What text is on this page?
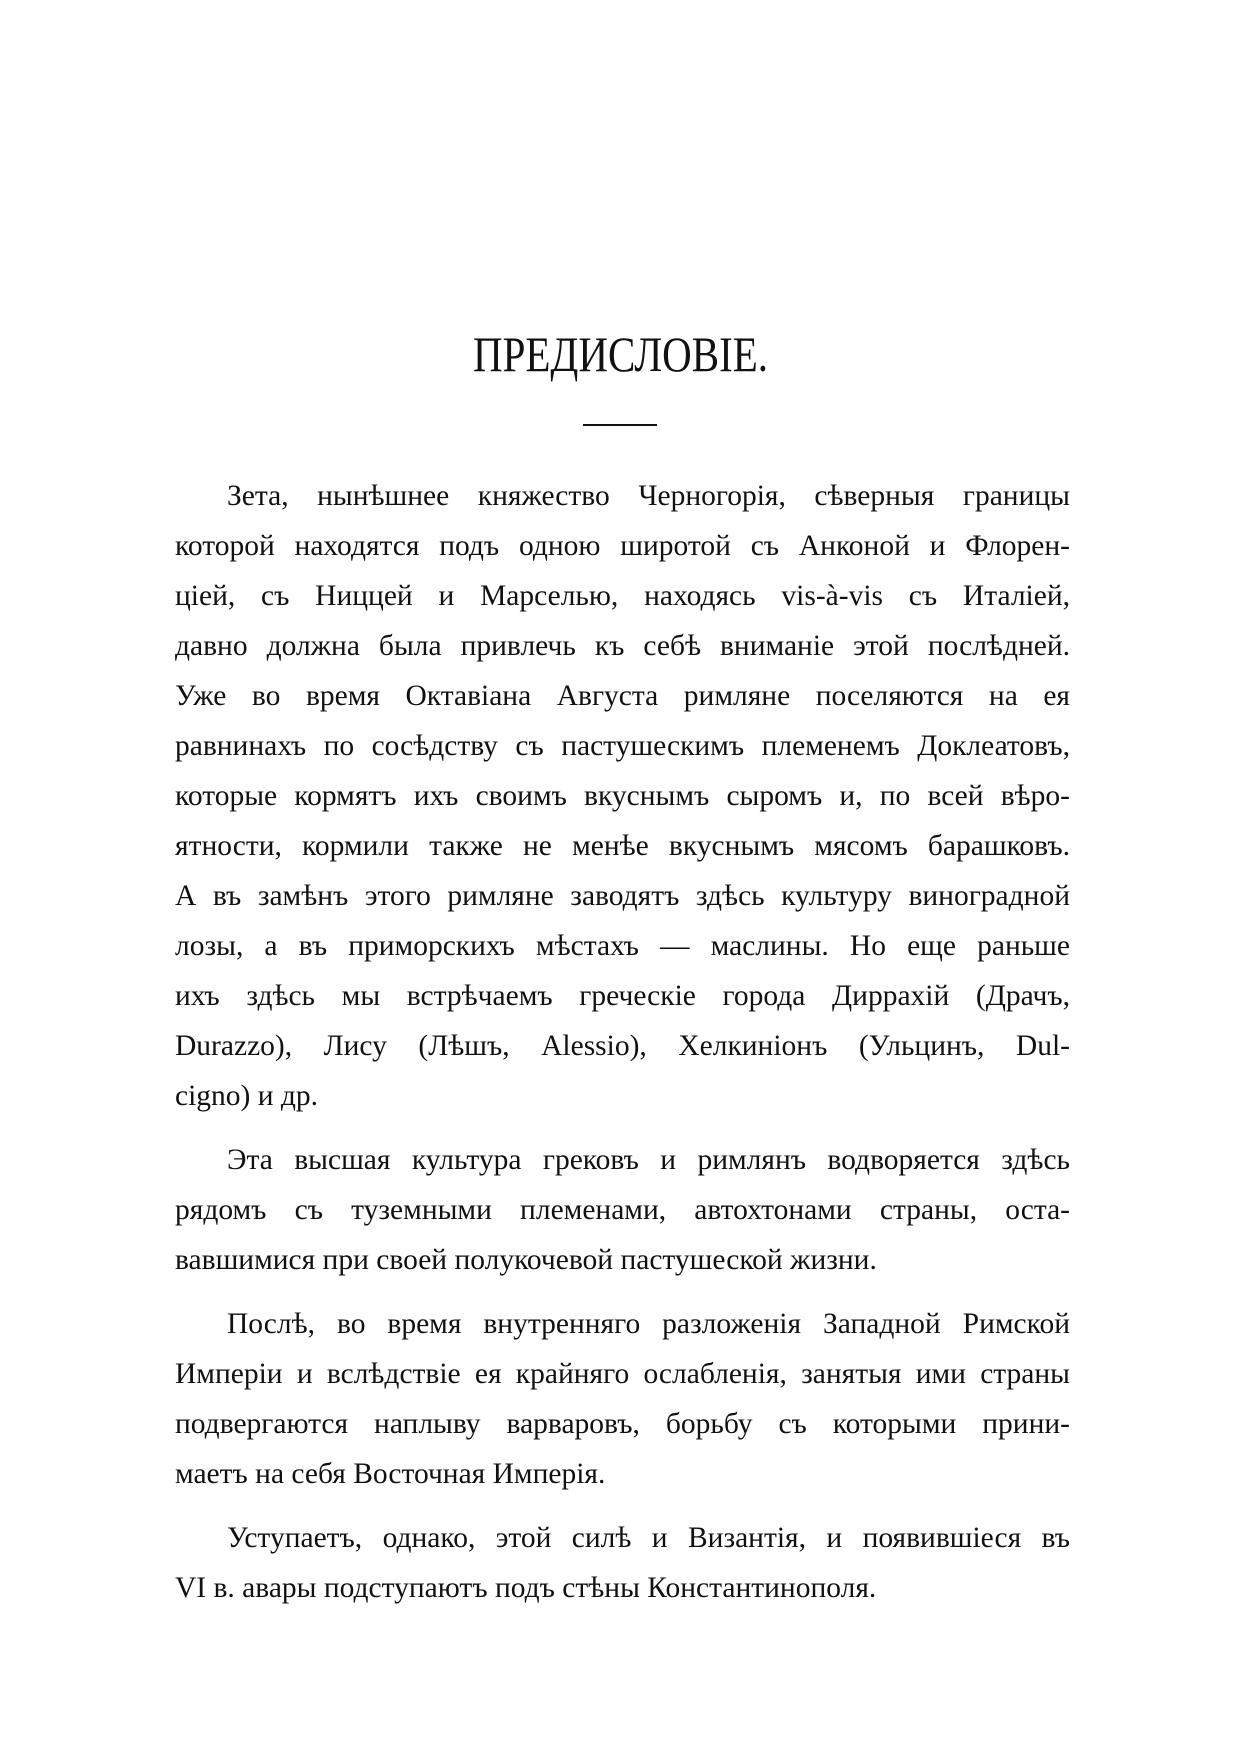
ПРЕДИСЛОВІЕ.
Зета, нынѣшнее княжество Черногорія, сѣверныя границы
которой находятся подъ одною широтой съ Анконой и Флорен-
ціей, съ Ниццей и Марселью, находясь vis-à-vis съ Италіей,
давно должна была привлечь къ себѣ вниманіе этой послѣдней.
Уже во время Октавіана Августа римляне поселяются на ея
равнинахъ по сосѣдству съ пастушескимъ племенемъ Доклеатовъ,
которые кормятъ ихъ своимъ вкуснымъ сыромъ и, по всей вѣро-
ятности, кормили также не менѣе вкуснымъ мясомъ барашковъ.
А въ замѣнъ этого римляне заводятъ здѣсь культуру виноградной
лозы, а въ приморскихъ мѣстахъ — маслины. Но еще раньше
ихъ здѣсь мы встрѣчаемъ греческіе города Диррахій (Драчъ,
Durazzo), Лису (Лѣшъ, Alessio), Хелкиніонъ (Ульцинъ, Dul-
cigno) и др.
Эта высшая культура грековъ и римлянъ водворяется здѣсь
рядомъ съ туземными племенами, автохтонами страны, оста-
вавшимися при своей полукочевой пастушеской жизни.
Послѣ, во время внутренняго разложенія Западной Римской
Имперіи и вслѣдствіе ея крайняго ослабленія, занятыя ими страны
подвергаются наплыву варваровъ, борьбу съ которыми прини-
маетъ на себя Восточная Имперія.
Уступаетъ, однако, этой силѣ и Византія, и появившіеся въ
VI в. авары подступаютъ подъ стѣны Константинополя.
